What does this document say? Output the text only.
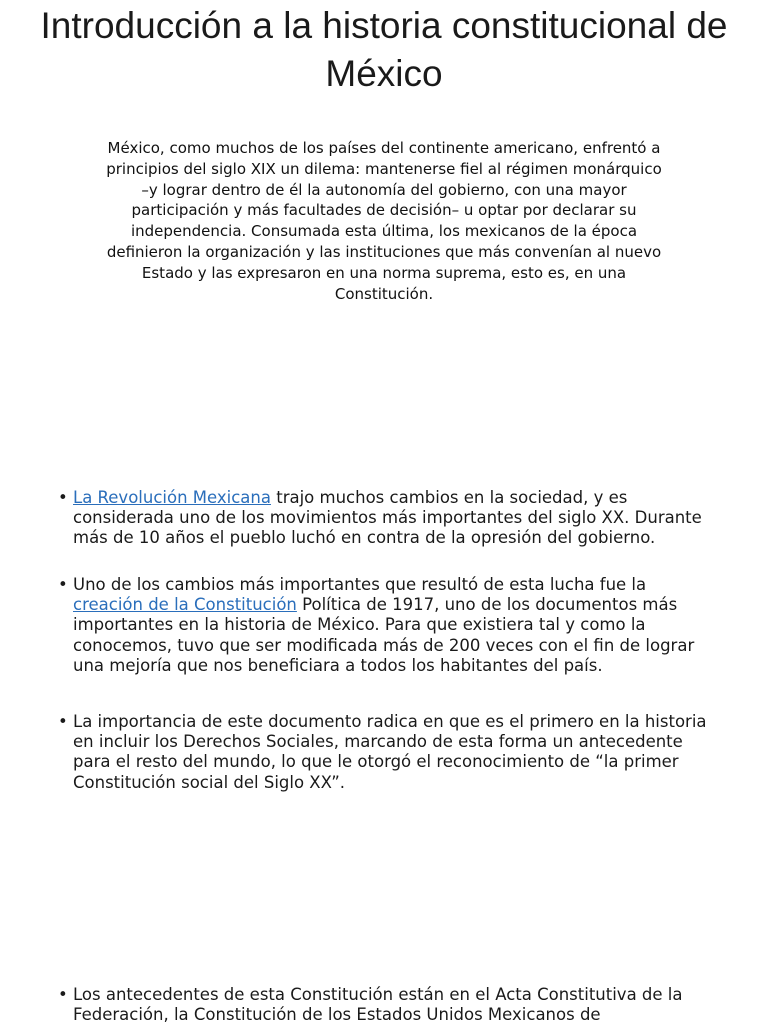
Introducción a la historia constitucional de México

México, como muchos de los países del continente americano, enfrentó a principios del siglo XIX un dilema: mantenerse fiel al régimen monárquico –y lograr dentro de él la autonomía del gobierno, con una mayor participación y más facultades de decisión– u optar por declarar su independencia. Consumada esta última, los mexicanos de la época definieron la organización y las instituciones que más convenían al nuevo Estado y las expresaron en una norma suprema, esto es, en una Constitución.

• La Revolución Mexicana trajo muchos cambios en la sociedad, y es considerada uno de los movimientos más importantes del siglo XX. Durante más de 10 años el pueblo luchó en contra de la opresión del gobierno.
• Uno de los cambios más importantes que resultó de esta lucha fue la creación de la Constitución Política de 1917, uno de los documentos más importantes en la historia de México. Para que existiera tal y como la conocemos, tuvo que ser modificada más de 200 veces con el fin de lograr una mejoría que nos beneficiara a todos los habitantes del país.
• La importancia de este documento radica en que es el primero en la historia en incluir los Derechos Sociales, marcando de esta forma un antecedente para el resto del mundo, lo que le otorgó el reconocimiento de “la primer Constitución social del Siglo XX”.
• Los antecedentes de esta Constitución están en el Acta Constitutiva de la Federación, la Constitución de los Estados Unidos Mexicanos de
